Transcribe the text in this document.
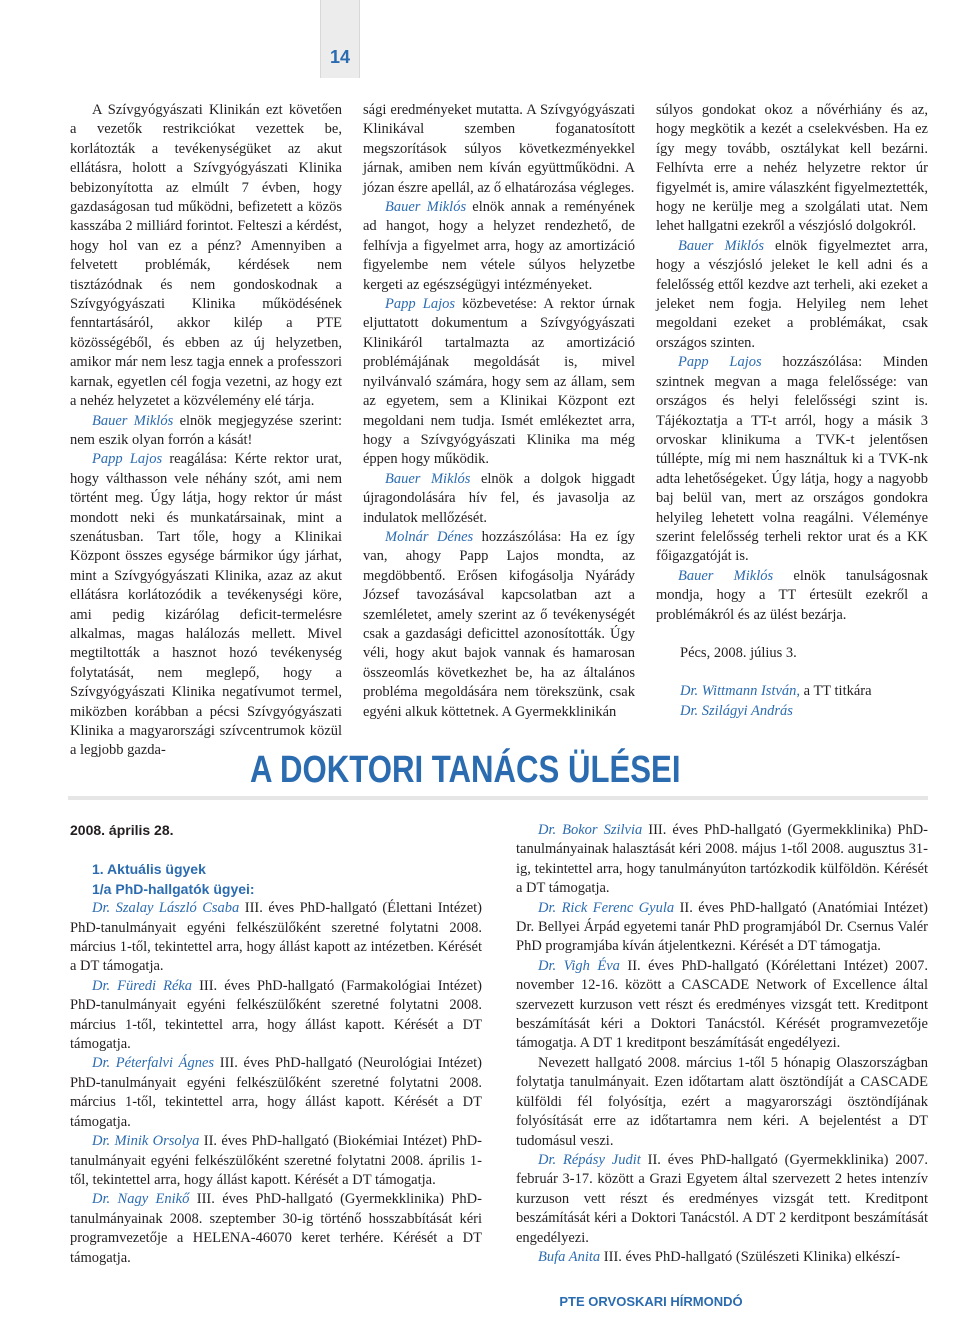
14

A Szívgyógyászati Klinikán ezt követően a vezetők restrikciókat vezettek be, korlátozták a tevékenységüket az akut ellátásra, holott a Szívgyógyászati Klinika bebizonyította az elmúlt 7 évben, hogy gazdaságosan tud működni, befizetett a közös kasszába 2 milliárd forintot. Felteszi a kérdést, hogy hol van ez a pénz? Amennyiben a felvetett problémák, kérdések nem tisztázódnak és nem gondoskodnak a Szívgyógyászati Klinika működésének fenntartásáról, akkor kilép a PTE közösségéből, és ebben az új helyzetben, amikor már nem lesz tagja ennek a professzori karnak, egyetlen cél fogja vezetni, az hogy ezt a nehéz helyzetet a közvélemény elé tárja.

Bauer Miklós elnök megjegyzése szerint: nem eszik olyan forrón a kását!

Papp Lajos reagálása: Kérte rektor urat, hogy válthasson vele néhány szót, ami nem történt meg. Úgy látja, hogy rektor úr mást mondott neki és munkatársainak, mint a szenátusban. Tart tőle, hogy a Klinikai Központ összes egysége bármikor úgy járhat, mint a Szívgyógyászati Klinika, azaz az akut ellátásra korlátozódik a tevékenységi köre, ami pedig kizárólag deficit-termelésre alkalmas, magas halálozás mellett. Mivel megtiltották a hasznot hozó tevékenység folytatását, nem meglepő, hogy a Szívgyógyászati Klinika negatívumot termel, miközben korábban a pécsi Szívgyógyászati Klinika a magyarországi szívcentrumok közül a legjobb gazda-

sági eredményeket mutatta. A Szívgyógyászati Klinikával szemben foganatosított megszorítások súlyos következményekkel járnak, amiben nem kíván együttműködni. A józan észre apellál, az ő elhatározása végleges.

Bauer Miklós elnök annak a reményének ad hangot, hogy a helyzet rendezhető, de felhívja a figyelmet arra, hogy az amortizáció figyelembe nem vétele súlyos helyzetbe kergeti az egészségügyi intézményeket.

Papp Lajos közbevetése: A rektor úrnak eljuttatott dokumentum a Szívgyógyászati Klinikáról tartalmazta az amortizáció problémájának megoldását is, mivel nyilvánvaló számára, hogy sem az állam, sem az egyetem, sem a Klinikai Központ ezt megoldani nem tudja. Ismét emlékeztet arra, hogy a Szívgyógyászati Klinika ma még éppen hogy működik.

Bauer Miklós elnök a dolgok higgadt újragondolására hív fel, és javasolja az indulatok mellőzését.

Molnár Dénes hozzászólása: Ha ez így van, ahogy Papp Lajos mondta, az megdöbbentő. Erősen kifogásolja Nyárády József tavozásával kapcsolatban azt a szemléletet, amely szerint az ő tevékenységét csak a gazdasági deficittel azonosították. Úgy véli, hogy akut bajok vannak és hamarosan összeomlás következhet be, ha az általános probléma megoldására nem törekszünk, csak egyéni alkuk köttetnek. A Gyermekklinikán

súlyos gondokat okoz a nővérhiány és az, hogy megkötik a kezét a cselekvésben. Ha ez így megy tovább, osztálykat kell bezárni. Felhívta erre a nehéz helyzetre rektor úr figyelmét is, amire válaszként figyelmeztették, hogy ne kerülje meg a szolgálati utat. Nem lehet hallgatni ezekről a vészjósló dolgokról.

Bauer Miklós elnök figyelmeztet arra, hogy a vészjósló jeleket le kell adni és a felelősség ettől kezdve azt terheli, aki ezeket a jeleket nem fogja. Helyileg nem lehet megoldani ezeket a problémákat, csak országos szinten.

Papp Lajos hozzászólása: Minden szintnek megvan a maga felelőssége: van országos és helyi felelősségi szint is. Tájékoztatja a TT-t arról, hogy a másik 3 orvoskar klinikuma a TVK-t jelentősen túllépte, míg mi nem használtuk ki a TVK-nk adta lehetőségeket. Úgy látja, hogy a nagyobb baj belül van, mert az országos gondokra helyileg lehetett volna reagálni. Véleménye szerint felelősség terheli rektor urat és a KK főigazgatóját is.

Bauer Miklós elnök tanulságosnak mondja, hogy a TT értesült ezekről a problémákról és az ülést bezárja.

Pécs, 2008. július 3.

Dr. Wittmann István, a TT titkára

Dr. Szilágyi András

A DOKTORI TANÁCS ÜLÉSEI

2008. április 28.

1. Aktuális ügyek

1/a PhD-hallgatók ügyei:

Dr. Szalay László Csaba III. éves PhD-hallgató (Élettani Intézet) PhD-tanulmányait egyéni felkészülőként szeretné folytatni 2008. március 1-től, tekintettel arra, hogy állást kapott az intézetben. Kérését a DT támogatja.

Dr. Füredi Réka III. éves PhD-hallgató (Farmakológiai Intézet) PhD-tanulmányait egyéni felkészülőként szeretné folytatni 2008. március 1-től, tekintettel arra, hogy állást kapott. Kérését a DT támogatja.

Dr. Péterfalvi Ágnes III. éves PhD-hallgató (Neurológiai Intézet) PhD-tanulmányait egyéni felkészülőként szeretné folytatni 2008. március 1-től, tekintettel arra, hogy állást kapott. Kérését a DT támogatja.

Dr. Minik Orsolya II. éves PhD-hallgató (Biokémiai Intézet) PhD-tanulmányait egyéni felkészülőként szeretné folytatni 2008. április 1-től, tekintettel arra, hogy állást kapott. Kérését a DT támogatja.

Dr. Nagy Enikő III. éves PhD-hallgató (Gyermekklinika) PhD-tanulmányainak 2008. szeptember 30-ig történő hosszabbítását kéri programvezetője a HELENA-46070 keret terhére. Kérését a DT támogatja.

Dr. Bokor Szilvia III. éves PhD-hallgató (Gyermekklinika) PhD-tanulmányainak halasztását kéri 2008. május 1-től 2008. augusztus 31-ig, tekintettel arra, hogy tanulmányúton tartózkodik külföldön. Kérését a DT támogatja.

Dr. Rick Ferenc Gyula II. éves PhD-hallgató (Anatómiai Intézet) Dr. Bellyei Árpád egyetemi tanár PhD programjából Dr. Csernus Valér PhD programjába kíván átjelentkezni. Kérését a DT támogatja.

Dr. Vigh Éva II. éves PhD-hallgató (Kórélettani Intézet) 2007. november 12-16. között a CASCADE Network of Excellence által szervezett kurzuson vett részt és eredményes vizsgát tett. Kreditpont beszámítását kéri a Doktori Tanácstól. Kérését programvezetője támogatja. A DT 1 kreditpont beszámítását engedélyezi.

Nevezett hallgató 2008. március 1-től 5 hónapig Olaszországban folytatja tanulmányait. Ezen időtartam alatt ösztöndíját a CASCADE külföldi fél folyósítja, ezért a magyarországi ösztöndíjának folyósítását erre az időtartamra nem kéri. A bejelentést a DT tudomásul veszi.

Dr. Répásy Judit II. éves PhD-hallgató (Gyermekklinika) 2007. február 3-17. között a Grazi Egyetem által szervezett 2 hetes intenzív kurzuson vett részt és eredményes vizsgát tett. Kreditpont beszámítását kéri a Doktori Tanácstól. A DT 2 kerditpont beszámítását engedélyezi.

Bufa Anita III. éves PhD-hallgató (Szülészeti Klinika) elkészí-

PTE ORVOSKARI HÍRMONDÓ
